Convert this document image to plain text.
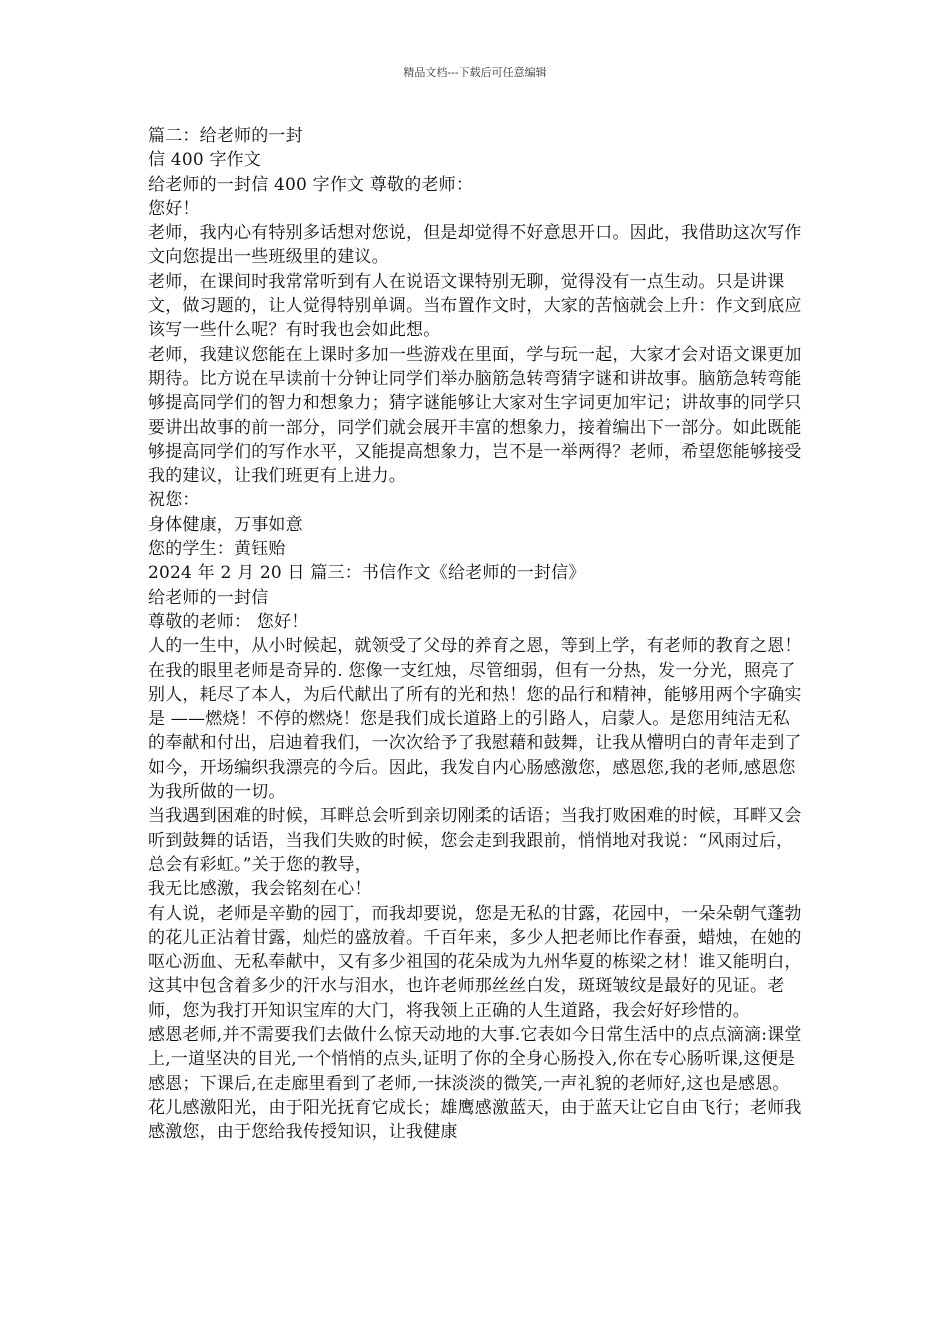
精品文档---下载后可任意编辑

篇二：给老师的一封

信 400 字作文

给老师的一封信 400 字作文 尊敬的老师：

您好！

老师，我内心有特别多话想对您说，但是却觉得不好意思开口。因此，我借助这次写作文向您提出一些班级里的建议。

老师，在课间时我常常听到有人在说语文课特别无聊，觉得没有一点生动。只是讲课文，做习题的，让人觉得特别单调。当布置作文时，大家的苦恼就会上升：作文到底应该写一些什么呢？有时我也会如此想。

老师，我建议您能在上课时多加一些游戏在里面，学与玩一起，大家才会对语文课更加期待。比方说在早读前十分钟让同学们举办脑筋急转弯猜字谜和讲故事。脑筋急转弯能够提高同学们的智力和想象力；猜字谜能够让大家对生字词更加牢记；讲故事的同学只要讲出故事的前一部分，同学们就会展开丰富的想象力，接着编出下一部分。如此既能够提高同学们的写作水平，又能提高想象力，岂不是一举两得？老师，希望您能够接受我的建议，让我们班更有上进力。

祝您：

身体健康，万事如意

您的学生：黄钰贻

2024 年 2 月 20 日 篇三：书信作文《给老师的一封信》

给老师的一封信

尊敬的老师： 您好！

人的一生中，从小时候起，就领受了父母的养育之恩，等到上学，有老师的教育之恩！在我的眼里老师是奇异的. 您像一支红烛，尽管细弱，但有一分热，发一分光，照亮了别人，耗尽了本人，为后代献出了所有的光和热！您的品行和精神，能够用两个字确实是 ——燃烧！不停的燃烧！您是我们成长道路上的引路人，启蒙人。是您用纯洁无私的奉献和付出，启迪着我们，一次次给予了我慰藉和鼓舞，让我从懵明白的青年走到了如今，开场编织我漂亮的今后。因此，我发自内心肠感激您，感恩您,我的老师,感恩您为我所做的一切。

当我遇到困难的时候，耳畔总会听到亲切刚柔的话语；当我打败困难的时候，耳畔又会听到鼓舞的话语，当我们失败的时候，您会走到我跟前，悄悄地对我说：“风雨过后，总会有彩虹。”关于您的教导，

我无比感激，我会铭刻在心！

有人说，老师是辛勤的园丁，而我却要说，您是无私的甘露，花园中，一朵朵朝气蓬勃的花儿正沾着甘露，灿烂的盛放着。千百年来，多少人把老师比作春蚕，蜡烛，在她的呕心沥血、无私奉献中，又有多少祖国的花朵成为九州华夏的栋梁之材！谁又能明白，这其中包含着多少的汗水与泪水，也许老师那丝丝白发，斑斑皱纹是最好的见证。老师，您为我打开知识宝库的大门，将我领上正确的人生道路，我会好好珍惜的。

感恩老师,并不需要我们去做什么惊天动地的大事.它表如今日常生活中的点点滴滴:课堂上,一道坚决的目光,一个悄悄的点头,证明了你的全身心肠投入,你在专心肠听课,这便是感恩；下课后,在走廊里看到了老师,一抹淡淡的微笑,一声礼貌的老师好,这也是感恩。花儿感激阳光，由于阳光抚育它成长；雄鹰感激蓝天，由于蓝天让它自由飞行；老师我感激您，由于您给我传授知识，让我健康
